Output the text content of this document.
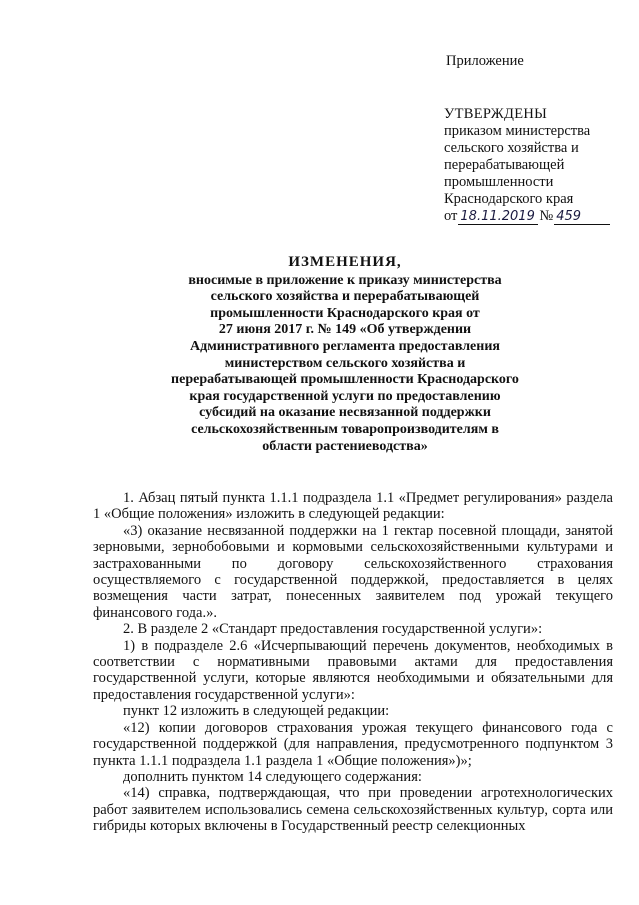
Приложение
УТВЕРЖДЕНЫ
приказом министерства
сельского хозяйства и
перерабатывающей
промышленности
Краснодарского края
от 18.11.2019 № 459
ИЗМЕНЕНИЯ,
вносимые в приложение к приказу министерства
сельского хозяйства и перерабатывающей
промышленности Краснодарского края от
27 июня 2017 г. № 149 «Об утверждении
Административного регламента предоставления
министерством сельского хозяйства и
перерабатывающей промышленности Краснодарского
края государственной услуги по предоставлению
субсидий на оказание несвязанной поддержки
сельскохозяйственным товаропроизводителям в
области растениеводства»

1. Абзац пятый пункта 1.1.1 подраздела 1.1 «Предмет регулирования» раздела 1 «Общие положения» изложить в следующей редакции:

«3) оказание несвязанной поддержки на 1 гектар посевной площади, занятой зерновыми, зернобобовыми и кормовыми сельскохозяйственными культурами и застрахованными по договору сельскохозяйственного страхования осуществляемого с государственной поддержкой, предоставляется в целях возмещения части затрат, понесенных заявителем под урожай текущего финансового года.».

2. В разделе 2 «Стандарт предоставления государственной услуги»:

1) в подразделе 2.6 «Исчерпывающий перечень документов, необходимых в соответствии с нормативными правовыми актами для предоставления государственной услуги, которые являются необходимыми и обязательными для предоставления государственной услуги»:

пункт 12 изложить в следующей редакции:

«12) копии договоров страхования урожая текущего финансового года с государственной поддержкой (для направления, предусмотренного подпунктом 3 пункта 1.1.1 подраздела 1.1 раздела 1 «Общие положения»)»;

дополнить пунктом 14 следующего содержания:

«14) справка, подтверждающая, что при проведении агротехнологических работ заявителем использовались семена сельскохозяйственных культур, сорта или гибриды которых включены в Государственный реестр селекционных
